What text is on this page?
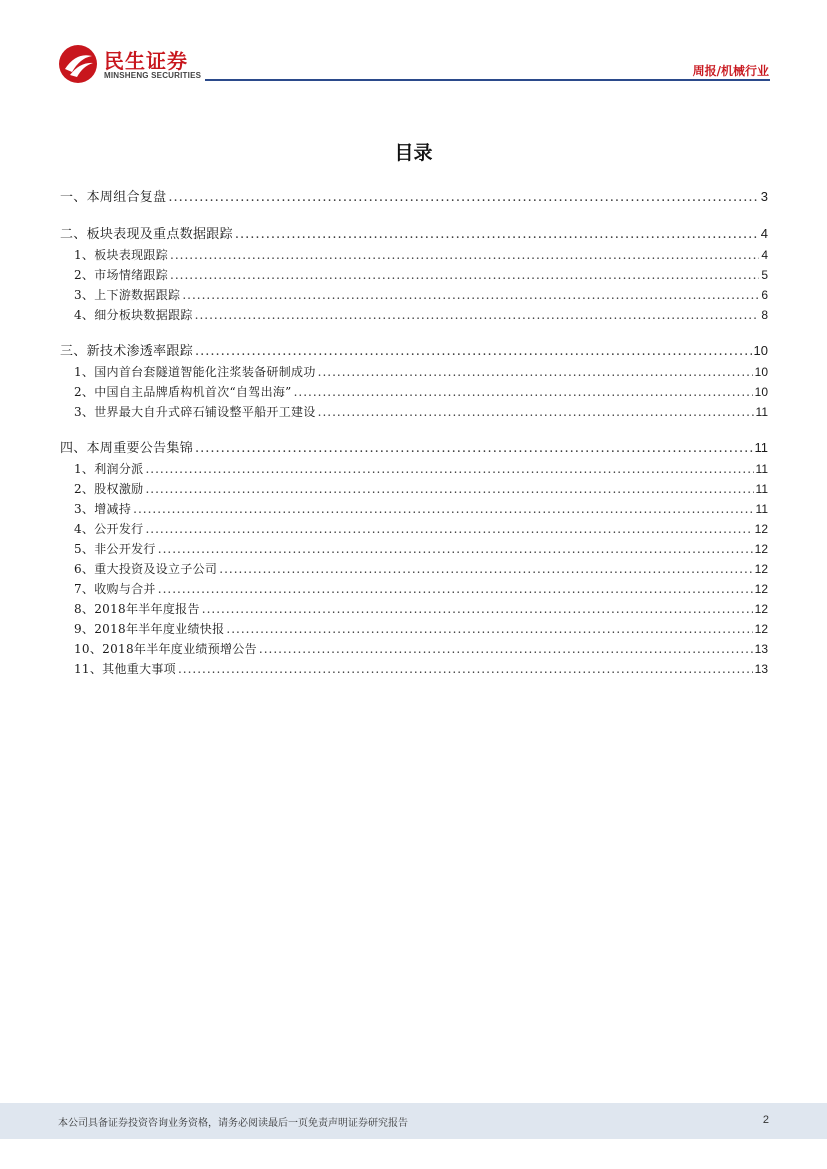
民生证券
MINSHENG SECURITIES	周报/机械行业
目录
一、本周组合复盘 .....	3
二、板块表现及重点数据跟踪 .....	4
1、板块表现跟踪 .....	4
2、市场情绪跟踪 .....	5
3、上下游数据跟踪 .....	6
4、细分板块数据跟踪 .....	8
三、新技术渗透率跟踪 .....	10
1、国内首台套隧道智能化注浆装备研制成功 .....	10
2、中国自主品牌盾构机首次“自驾出海” .....	10
3、世界最大自升式碎石铺设整平船开工建设 .....	11
四、本周重要公告集锦 .....	11
1、利润分派 .....	11
2、股权激励 .....	11
3、增减持 .....	11
4、公开发行 .....	12
5、非公开发行 .....	12
6、重大投资及设立子公司 .....	12
7、收购与合并 .....	12
8、2018年半年度报告 .....	12
9、2018年半年度业绩快报 .....	12
10、2018年半年度业绩预增公告 .....	13
11、其他重大事项 .....	13
本公司具备证券投资咨询业务资格，请务必阅读最后一页免责声明证券研究报告	2
